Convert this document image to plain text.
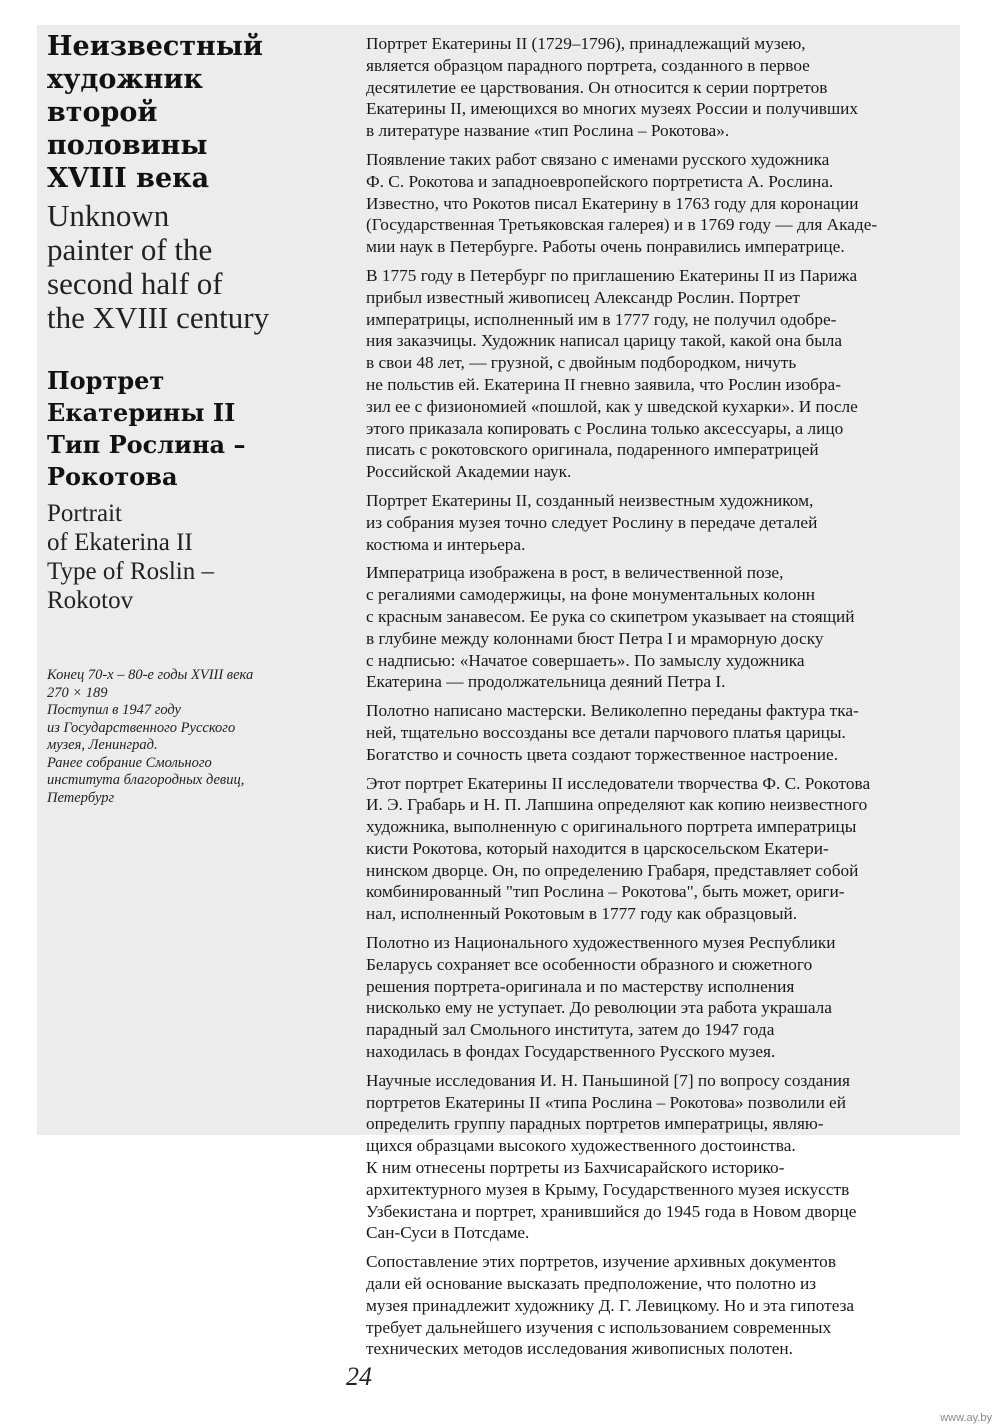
Неизвестный
художник
второй
половины
XVIII века
Unknown
painter of the
second half of
the XVIII century
Портрет
Екатерины II
Тип Рослина –
Рокотова
Portrait
of Ekaterina II
Type of Roslin –
Rokotov
Конец 70-х – 80-е годы XVIII века
270 × 189
Поступил в 1947 году
из Государственного Русского
музея, Ленинград.
Ранее собрание Смольного
института благородных девиц,
Петербург

Портрет Екатерины II (1729–1796), принадлежащий музею,
является образцом парадного портрета, созданного в первое
десятилетие ее царствования. Он относится к серии портретов
Екатерины II, имеющихся во многих музеях России и получивших
в литературе название «тип Рослина – Рокотова».

Появление таких работ связано с именами русского художника
Ф. С. Рокотова и западноевропейского портретиста А. Рослина.
Известно, что Рокотов писал Екатерину в 1763 году для коронации
(Государственная Третьяковская галерея) и в 1769 году — для Акаде-
мии наук в Петербурге. Работы очень понравились императрице.

В 1775 году в Петербург по приглашению Екатерины II из Парижа
прибыл известный живописец Александр Рослин. Портрет
императрицы, исполненный им в 1777 году, не получил одобре-
ния заказчицы. Художник написал царицу такой, какой она была
в свои 48 лет, — грузной, с двойным подбородком, ничуть
не польстив ей. Екатерина II гневно заявила, что Рослин изобра-
зил ее с физиономией «пошлой, как у шведской кухарки». И после
этого приказала копировать с Рослина только аксессуары, а лицо
писать с рокотовского оригинала, подаренного императрицей
Российской Академии наук.

Портрет Екатерины II, созданный неизвестным художником,
из собрания музея точно следует Рослину в передаче деталей
костюма и интерьера.

Императрица изображена в рост, в величественной позе,
с регалиями самодержицы, на фоне монументальных колонн
с красным занавесом. Ее рука со скипетром указывает на стоящий
в глубине между колоннами бюст Петра I и мраморную доску
с надписью: «Начатое совершаеть». По замыслу художника
Екатерина — продолжательница деяний Петра I.

Полотно написано мастерски. Великолепно переданы фактура тка-
ней, тщательно воссозданы все детали парчового платья царицы.
Богатство и сочность цвета создают торжественное настроение.

Этот портрет Екатерины II исследователи творчества Ф. С. Рокотова
И. Э. Грабарь и Н. П. Лапшина определяют как копию неизвестного
художника, выполненную с оригинального портрета императрицы
кисти Рокотова, который находится в царскосельском Екатери-
нинском дворце. Он, по определению Грабаря, представляет собой
комбинированный "тип Рослина – Рокотова", быть может, ориги-
нал, исполненный Рокотовым в 1777 году как образцовый.

Полотно из Национального художественного музея Республики
Беларусь сохраняет все особенности образного и сюжетного
решения портрета-оригинала и по мастерству исполнения
нисколько ему не уступает. До революции эта работа украшала
парадный зал Смольного института, затем до 1947 года
находилась в фондах Государственного Русского музея.

Научные исследования И. Н. Паньшиной [7] по вопросу создания
портретов Екатерины II «типа Рослина – Рокотова» позволили ей
определить группу парадных портретов императрицы, являю-
щихся образцами высокого художественного достоинства.
К ним отнесены портреты из Бахчисарайского историко-
архитектурного музея в Крыму, Государственного музея искусств
Узбекистана и портрет, хранившийся до 1945 года в Новом дворце
Сан-Суси в Потсдаме.

Сопоставление этих портретов, изучение архивных документов
дали ей основание высказать предположение, что полотно из
музея принадлежит художнику Д. Г. Левицкому. Но и эта гипотеза
требует дальнейшего изучения с использованием современных
технических методов исследования живописных полотен.

24
www.ay.by
